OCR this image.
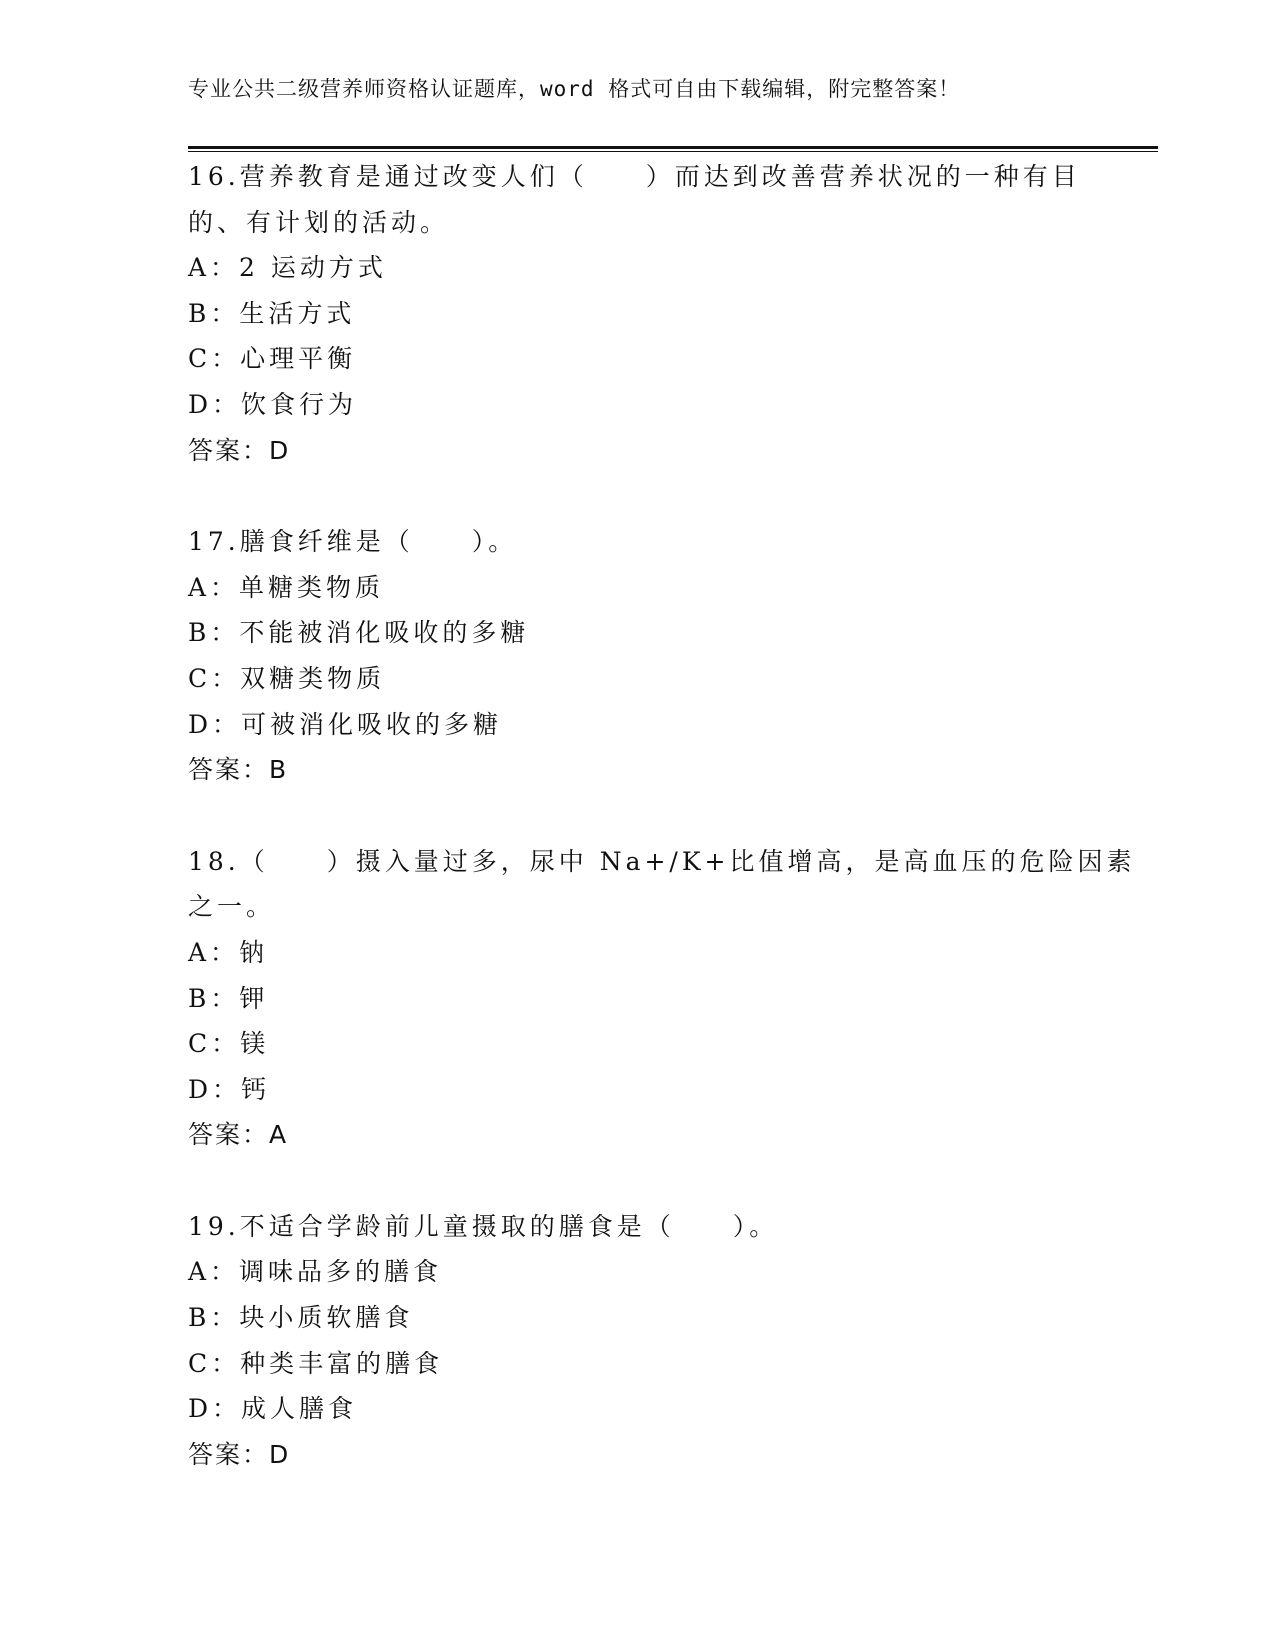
专业公共二级营养师资格认证题库，word 格式可自由下载编辑，附完整答案！
16.营养教育是通过改变人们（　　）而达到改善营养状况的一种有目
的、有计划的活动。
A：2 运动方式
B：生活方式
C：心理平衡
D：饮食行为
答案：D
17.膳食纤维是（　　）。
A：单糖类物质
B：不能被消化吸收的多糖
C：双糖类物质
D：可被消化吸收的多糖
答案：B
18.（　　）摄入量过多，尿中 Na+/K+比值增高，是高血压的危险因素
之一。
A：钠
B：钾
C：镁
D：钙
答案：A
19.不适合学龄前儿童摄取的膳食是（　　）。
A：调味品多的膳食
B：块小质软膳食
C：种类丰富的膳食
D：成人膳食
答案：D
